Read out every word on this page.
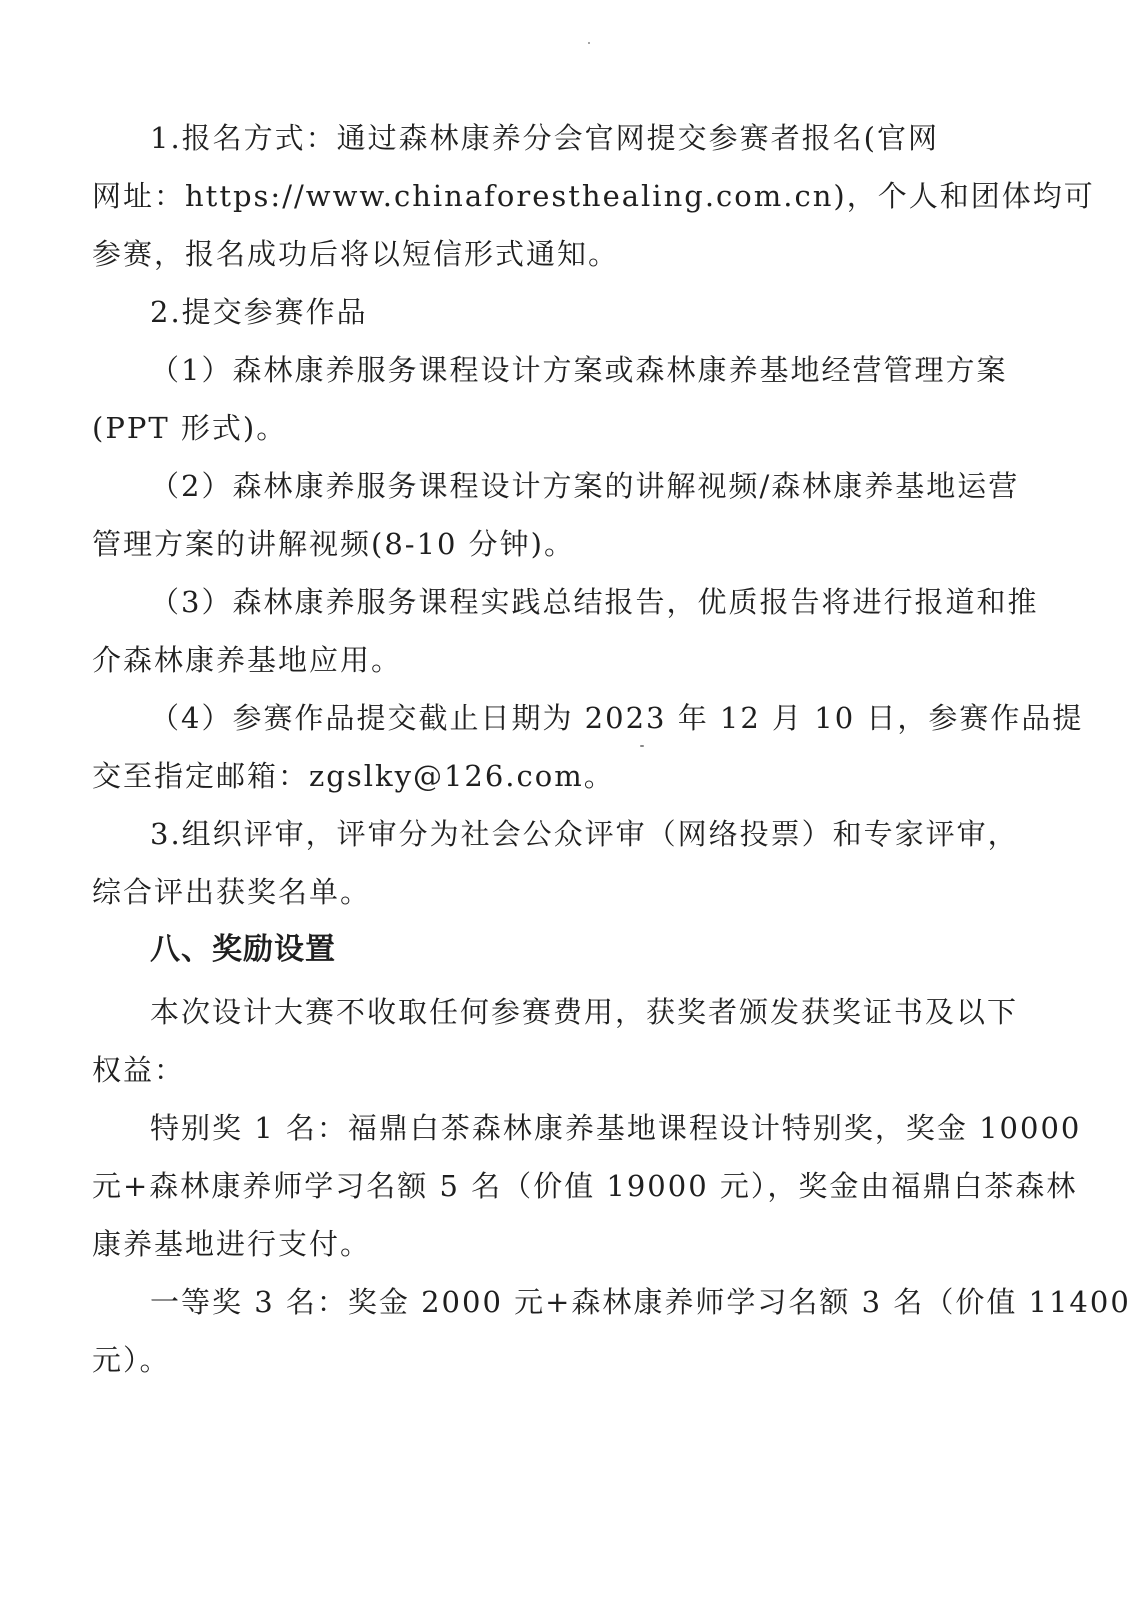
1.报名方式：通过森林康养分会官网提交参赛者报名(官网
网址：https://www.chinaforesthealing.com.cn)，个人和团体均可
参赛，报名成功后将以短信形式通知。
2.提交参赛作品
（1）森林康养服务课程设计方案或森林康养基地经营管理方案
(PPT 形式)。
（2）森林康养服务课程设计方案的讲解视频/森林康养基地运营
管理方案的讲解视频(8-10 分钟)。
（3）森林康养服务课程实践总结报告，优质报告将进行报道和推
介森林康养基地应用。
（4）参赛作品提交截止日期为 2023 年 12 月 10 日，参赛作品提
交至指定邮箱：zgslky@126.com。
3.组织评审，评审分为社会公众评审（网络投票）和专家评审，
综合评出获奖名单。
八、奖励设置
本次设计大赛不收取任何参赛费用，获奖者颁发获奖证书及以下
权益：
特别奖 1 名：福鼎白茶森林康养基地课程设计特别奖，奖金 10000
元+森林康养师学习名额 5 名（价值 19000 元），奖金由福鼎白茶森林
康养基地进行支付。
一等奖 3 名：奖金 2000 元+森林康养师学习名额 3 名（价值 11400
元）。
